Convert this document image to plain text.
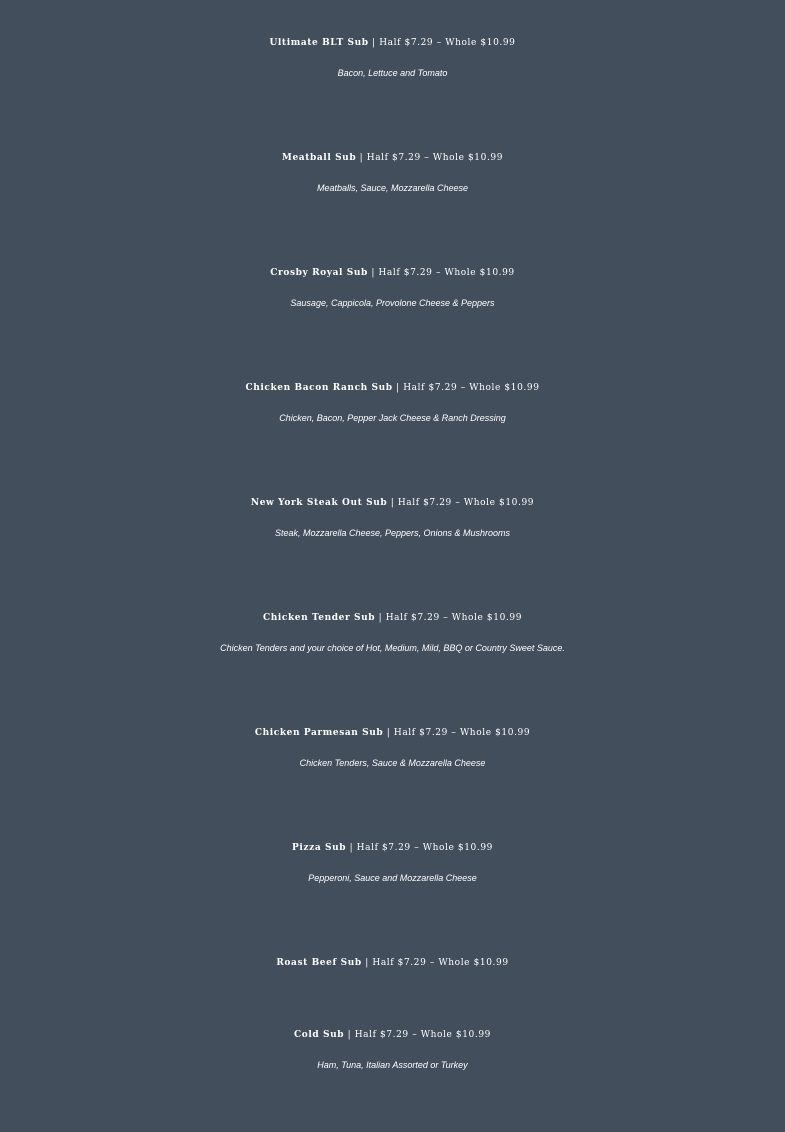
Ultimate BLT Sub | Half $7.29 – Whole $10.99
Bacon, Lettuce and Tomato
Meatball Sub | Half $7.29 – Whole $10.99
Meatballs, Sauce, Mozzarella Cheese
Crosby Royal Sub | Half $7.29 – Whole $10.99
Sausage, Cappicola, Provolone Cheese & Peppers
Chicken Bacon Ranch Sub | Half $7.29 – Whole $10.99
Chicken, Bacon, Pepper Jack Cheese & Ranch Dressing
New York Steak Out Sub | Half $7.29 – Whole $10.99
Steak, Mozzarella Cheese, Peppers, Onions & Mushrooms
Chicken Tender Sub | Half $7.29 – Whole $10.99
Chicken Tenders and your choice of Hot, Medium, Mild, BBQ or Country Sweet Sauce.
Chicken Parmesan Sub | Half $7.29 – Whole $10.99
Chicken Tenders, Sauce & Mozzarella Cheese
Pizza Sub | Half $7.29 – Whole $10.99
Pepperoni, Sauce and Mozzarella Cheese
Roast Beef Sub | Half $7.29 – Whole $10.99
Cold Sub | Half $7.29 – Whole $10.99
Ham, Tuna, Italian Assorted or Turkey
